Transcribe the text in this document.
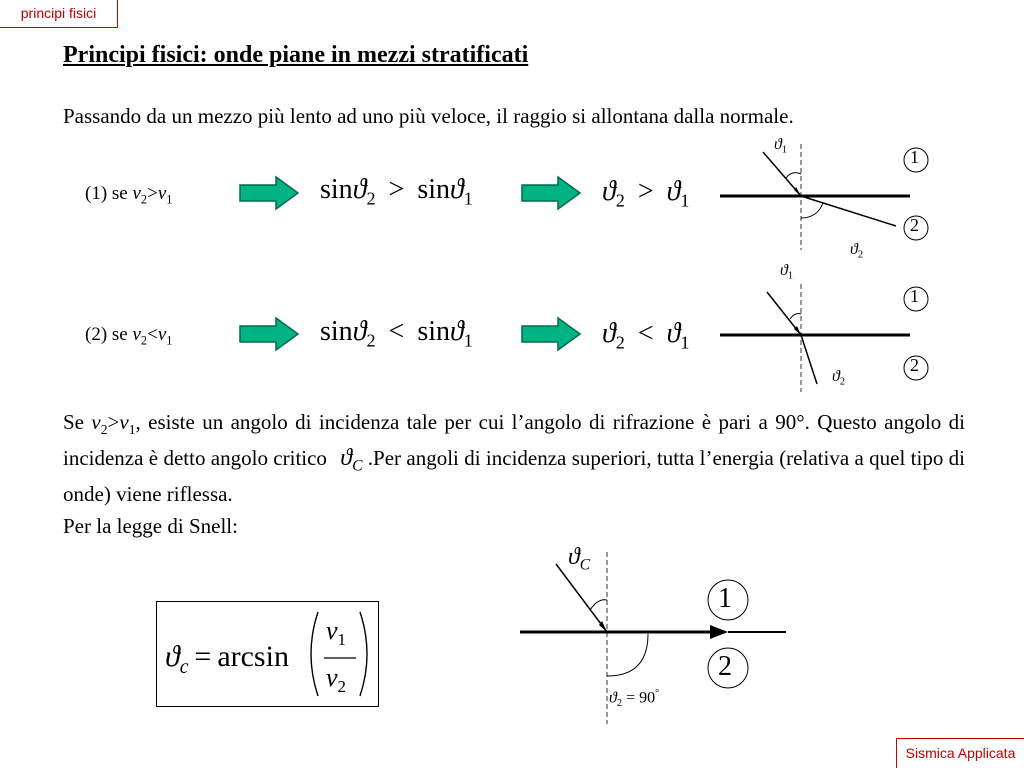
principi fisici
Sismica Applicata
Principi fisici: onde piane in mezzi stratificati
Passando da un mezzo più lento ad uno più veloce, il raggio si allontana dalla normale.
(1) se $v_2>v_1$	sinϑ$_2$ > sinϑ$_1$	$ϑ_2 > ϑ_1$
(2) se $v_2<v_1$	sinϑ$_2$ < sinϑ$_1$	$ϑ_2 < ϑ_1$
$ϑ_1$
$ϑ_2$
1
2
$ϑ_1$
$ϑ_2$
1
2
Se $v_2>v_1$, esiste un angolo di incidenza tale per cui l’angolo di rifrazione è pari a 90°. Questo angolo di incidenza è detto angolo critico $ϑ_C$ .Per angoli di incidenza superiori, tutta l’energia (relativa a quel tipo di onde) viene riflessa.
Per la legge di Snell:
$ϑ_c = \arcsin$
$v_1$
$v_2$
$ϑ_C$
1
2
$ϑ_2 = 90^\circ$
